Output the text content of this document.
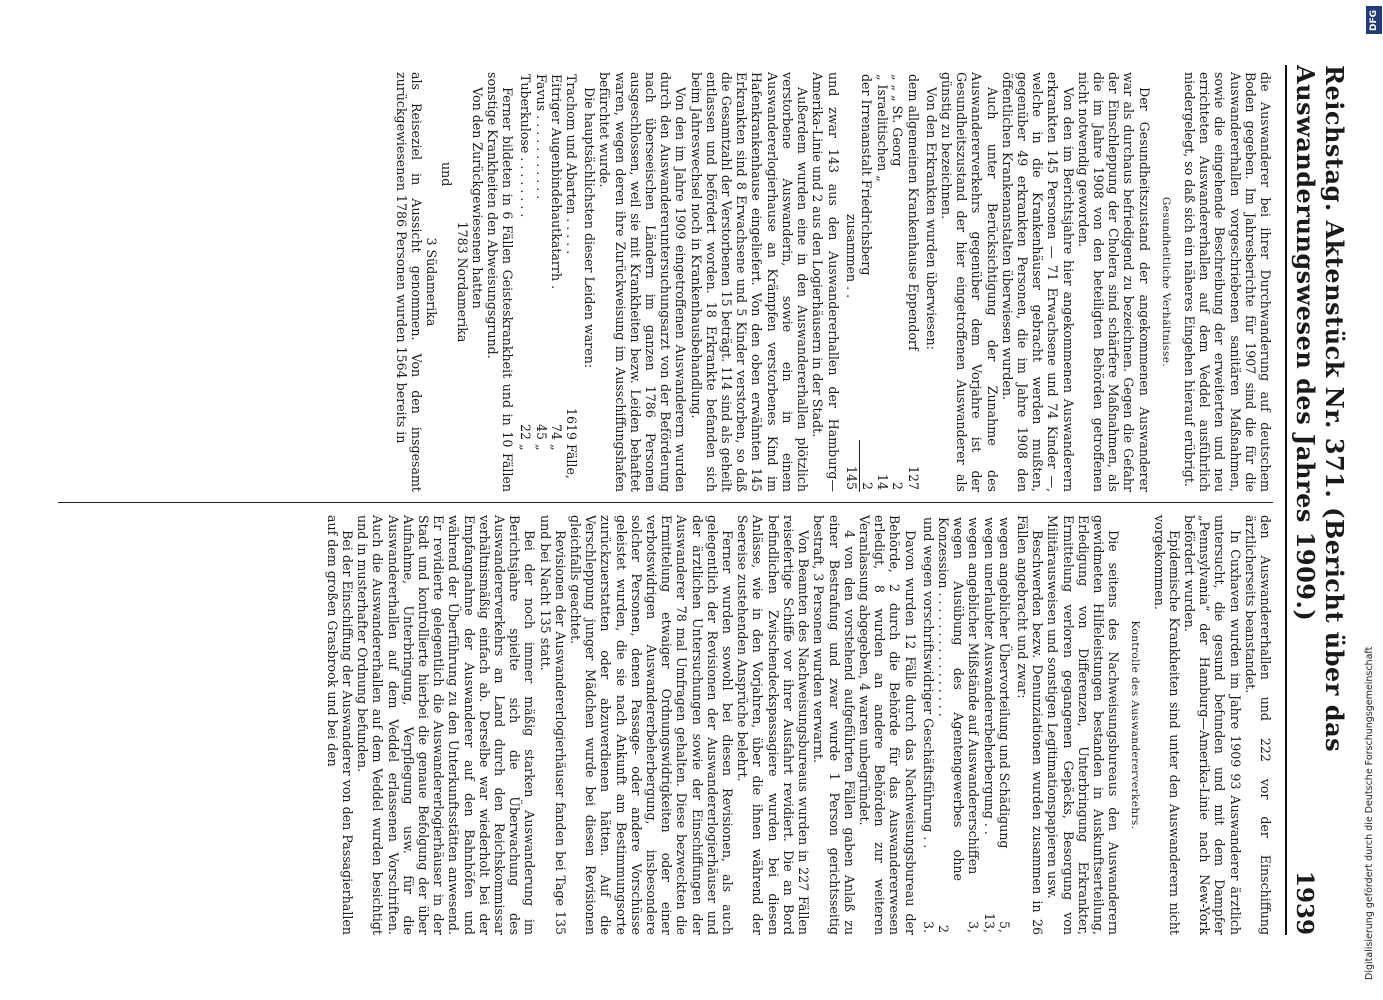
Reichstag. Aktenstück Nr. 371. (Bericht über das Auswanderungswesen des Jahres 1909.)
1939

die Auswanderer bei ihrer Durchwanderung auf deutschem Boden gegeben. Im Jahresberichte für 1907 sind die für die Auswandererhallen vorgeschriebenen sanitären Maßnahmen, sowie die eingehende Beschreibung der erweiterten und neu errichteten Auswandererhallen auf dem Veddel ausführlich niedergelegt, so daß sich ein näheres Eingehen hierauf erübrigt.

Gesundheitliche Verhältnisse.

Der Gesundheitszustand der angekommenen Auswanderer war als durchaus befriedigend zu bezeichnen. Gegen die Gefahr der Einschleppung der Cholera sind schärfere Maßnahmen, als die im Jahre 1908 von den beteiligten Behörden getroffenen nicht notwendig geworden.

Von den im Berichtsjahre hier angekommenen Auswanderern erkrankten 145 Personen — 71 Erwachsene und 74 Kinder —, welche in die Krankenhäuser gebracht werden mußten, gegenüber 49 erkrankten Personen, die im Jahre 1908 den öffentlichen Krankenanstalten überwiesen wurden.

Auch unter Berücksichtigung der Zunahme des Auswandererverkehrs gegenüber dem Vorjahre ist der Gesundheitszustand der hier eingetroffenen Auswanderer als günstig zu bezeichnen.

Von den Erkrankten wurden überwiesen:

dem allgemeinen Krankenhause Eppendorf	127
„ „ „ St. Georg	2
„ Israelitischen „	14
der Irrenanstalt Friedrichsberg	2
zusammen . .	145

und zwar 143 aus den Auswandererhallen der Hamburg—Amerika-Linie und 2 aus den Logierhäusern in der Stadt.

Außerdem wurden eine in den Auswandererhallen plötzlich verstorbene Auswanderin, sowie ein in einem Auswandererlogierhause an Krämpfen verstorbenes Kind im Hafenkrankenhause eingeliefert. Von den oben erwähnten 145 Erkrankten sind 8 Erwachsene und 5 Kinder verstorben, so daß die Gesamtzahl der Verstorbenen 15 beträgt. 114 sind als geheilt entlassen und befördert worden. 18 Erkrankte befanden sich beim Jahreswechsel noch in Krankenhausbehandlung.

Von den im Jahre 1909 eingetroffenen Auswanderern wurden durch den Auswandereruntersuchungsarzt von der Beförderung nach überseeischen Ländern im ganzen 1786 Personen ausgeschlossen, weil sie mit Krankheiten bezw. Leiden behaftet waren, wegen deren ihre Zurückweisung im Ausschiffungshafen befürchtet wurde.

Die hauptsächlichsten dieser Leiden waren:

Trachom und Abarten . . . . .	1619	Fälle,
Eitriger Augenbindehautkatarrh .	74	„
Favus . . . . . . . . . . .	45	„
Tuberkulose . . . . . . . .	22	„

Ferner bildeten in 6 Fällen Geisteskrankheit und in 10 Fällen sonstige Krankheiten den Abweisungsgrund.

Von den Zurückgewiesenen hatten

1783 Nordamerika
und
3 Südamerika

als Reiseziel in Aussicht genommen. Von den insgesamt zurückgewiesenen 1786 Personen wurden 1564 bereits in

den Auswandererhallen und 222 vor der Einschiffung ärztlicherseits beanstandet.

In Cuxhaven wurden im Jahre 1909 93 Auswanderer ärztlich untersucht, die gesund befunden und mit dem Dampfer „Pennsylvania“ der Hamburg—Amerika-Linie nach New-York befördert wurden.

Epidemische Krankheiten sind unter den Auswanderern nicht vorgekommen.

Kontrolle des Auswandererverkehrs.

Die seitens des Nachweisungsbureaus den Auswanderern gewidmeten Hilfeleistungen bestanden in Auskunftserteilung, Erledigung von Differenzen, Unterbringung Erkrankter, Ermittelung verloren gegangenen Gepäcks, Besorgung von Militärausweisen und sonstigen Legitimationspapieren usw.

Beschwerden bezw. Denunziationen wurden zusammen in 26 Fällen angebracht und zwar:

wegen angeblicher Übervorteilung und Schädigung	5,
wegen unerlaubter Auswandererbeherbergung . .	13,
wegen angeblicher Mißstände auf Auswandererschiffen	3,
wegen Ausübung des Agentengewerbes ohne Konzession . . . . . . . . . . . . . . . .	2
und wegen vorschriftswidriger Geschäftsführung . .	3.

Davon wurden 12 Fälle durch das Nachweisungsbureau der Behörde, 2 durch die Behörde für das Auswandererwesen erledigt, 8 wurden an andere Behörden zur weiteren Veranlassung abgegeben, 4 waren unbegründet.

4 von den vorstehend aufgeführten Fällen gaben Anlaß zu einer Bestrafung und zwar wurde 1 Person gerichtsseitig bestraft, 3 Personen wurden verwarnt.

Von Beamten des Nachweisungsbureaus wurden in 227 Fällen reisefertige Schiffe vor ihrer Ausfahrt revidiert. Die an Bord befindlichen Zwischendeckspassagiere wurden bei diesen Anlässe, wie in den Vorjahren, über die ihnen während der Seereise zustehenden Ansprüche belehrt.

Ferner wurden sowohl bei diesen Revisionen, als auch gelegentlich der Revisionen der Auswandererlogierhäuser und der ärztlichen Untersuchungen sowie der Einschiffungen der Auswanderer 78 mal Umfragen gehalten. Diese bezweckten die Ermittelung etwaiger Ordnungswidrigkeiten oder einer verbotswidrigen Auswandererbeherbergung, insbesondere solcher Personen, denen Passage- oder andere Vorschüsse geleistet wurden, die sie nach Ankunft am Bestimmungsorte zurückzuerstatten oder abzuverdienen hätten. Auf die Verschleppung junger Mädchen wurde bei diesen Revisionen gleichfalls geachtet.

Revisionen der Auswandererlogierhäuser fanden bei Tage 135 und bei Nacht 135 statt.

Bei der noch immer mäßig starken Auswanderung im Berichtsjahre spielte sich die Überwachung des Auswandererverkehrs an Land durch den Reichskommissar verhältnismäßig einfach ab. Derselbe war wiederholt bei der Empfangnahme der Auswanderer auf den Bahnhöfen und während der Überführung zu den Unterkunftsstätten anwesend. Er revidierte gelegentlich die Auswandererlogierhäuser in der Stadt und kontrollierte hierbei die genaue Befolgung der über Aufnahme, Unterbringung, Verpflegung usw. für die Auswandererhallen auf dem Veddel erlassenen Vorschriften. Auch die Auswandererhallen auf dem Veddel wurden besichtigt und in musterhafter Ordnung befunden.

Bei der Einschiffung der Auswanderer von den Passagierhallen auf dem großen Grasbrook und bei den

DFG
Digitalisierung gefördert durch die Deutsche Forschungsgemeinschaft
